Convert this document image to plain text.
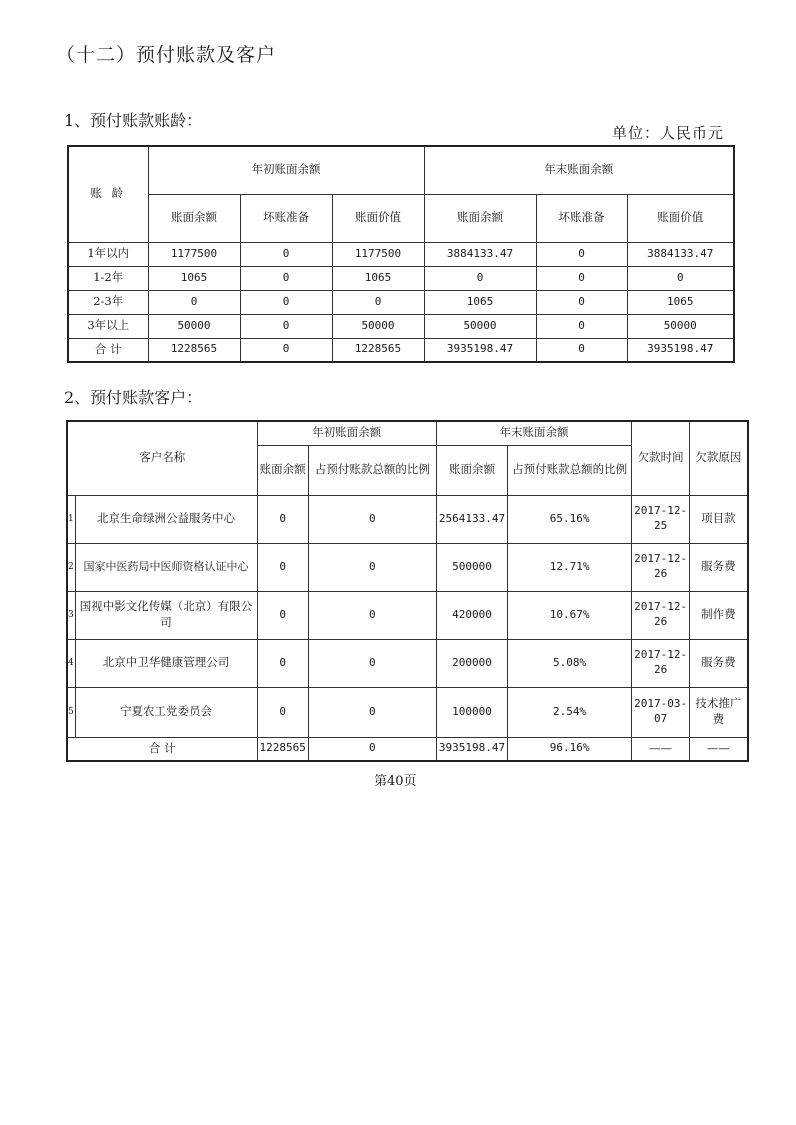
（十二）预付账款及客户
1、预付账款账龄：
单位：人民币元
账 龄	年初账面余额			年末账面余额		
	账面余额	坏账准备	账面价值	账面余额	坏账准备	账面价值
1年以内	1177500	0	1177500	3884133.47	0	3884133.47
1-2年	1065	0	1065	0	0	0
2-3年	0	0	0	1065	0	1065
3年以上	50000	0	50000	50000	0	50000
合 计	1228565	0	1228565	3935198.47	0	3935198.47
2、预付账款客户：
客户名称		年初账面余额		年末账面余额		欠款时间	欠款原因
		账面余额	占预付账款总额的比例	账面余额	占预付账款总额的比例		
1	北京生命绿洲公益服务中心	0	0	2564133.47	65.16%	2017-12-25	项目款
2	国家中医药局中医师资格认证中心	0	0	500000	12.71%	2017-12-26	服务费
3	国视中影文化传媒（北京）有限公司	0	0	420000	10.67%	2017-12-26	制作费
4	北京中卫华健康管理公司	0	0	200000	5.08%	2017-12-26	服务费
5	宁夏农工党委员会	0	0	100000	2.54%	2017-03-07	技术推广费
合 计		1228565	0	3935198.47	96.16%	——	——
第40页
